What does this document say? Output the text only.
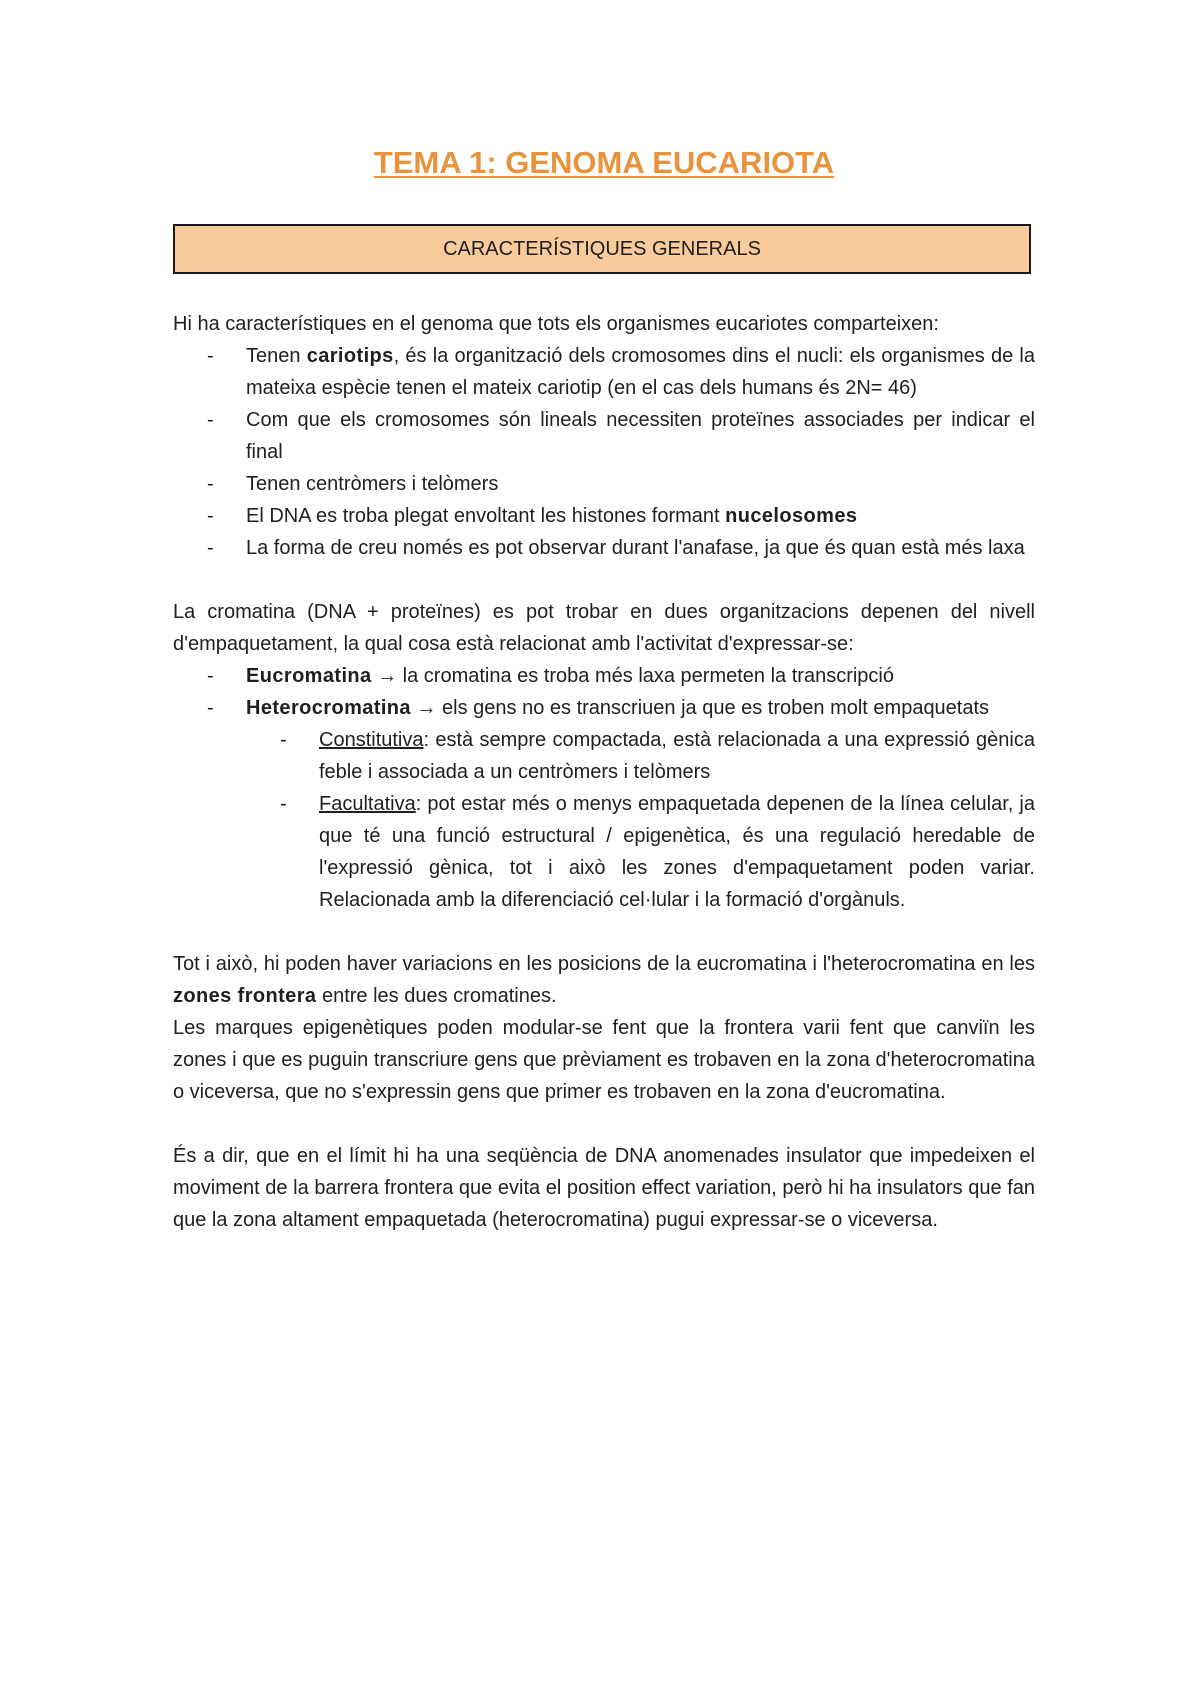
TEMA 1: GENOMA EUCARIOTA
CARACTERÍSTIQUES GENERALS

Hi ha característiques en el genoma que tots els organismes eucariotes comparteixen:

- Tenen cariotips, és la organització dels cromosomes dins el nucli: els organismes de la mateixa espècie tenen el mateix cariotip (en el cas dels humans és 2N= 46)
- Com que els cromosomes són lineals necessiten proteïnes associades per indicar el final
- Tenen centròmers i telòmers
- El DNA es troba plegat envoltant les histones formant nucelosomes
- La forma de creu només es pot observar durant l'anafase, ja que és quan està més laxa

La cromatina (DNA + proteïnes) es pot trobar en dues organitzacions depenen del nivell d'empaquetament, la qual cosa està relacionat amb l'activitat d'expressar-se:

- Eucromatina → la cromatina es troba més laxa permeten la transcripció
- Heterocromatina → els gens no es transcriuen ja que es troben molt empaquetats
- Constitutiva: està sempre compactada, està relacionada a una expressió gènica feble i associada a un centròmers i telòmers
- Facultativa: pot estar més o menys empaquetada depenen de la línea celular, ja que té una funció estructural / epigenètica, és una regulació heredable de l'expressió gènica, tot i això les zones d'empaquetament poden variar. Relacionada amb la diferenciació cel·lular i la formació d'orgànuls.

Tot i això, hi poden haver variacions en les posicions de la eucromatina i l'heterocromatina en les zones frontera entre les dues cromatines.

Les marques epigenètiques poden modular-se fent que la frontera varii fent que canviïn les zones i que es puguin transcriure gens que prèviament es trobaven en la zona d'heterocromatina o viceversa, que no s'expressin gens que primer es trobaven en la zona d'eucromatina.

És a dir, que en el límit hi ha una seqüència de DNA anomenades insulator que impedeixen el moviment de la barrera frontera que evita el position effect variation, però hi ha insulators que fan que la zona altament empaquetada (heterocromatina) pugui expressar-se o viceversa.
